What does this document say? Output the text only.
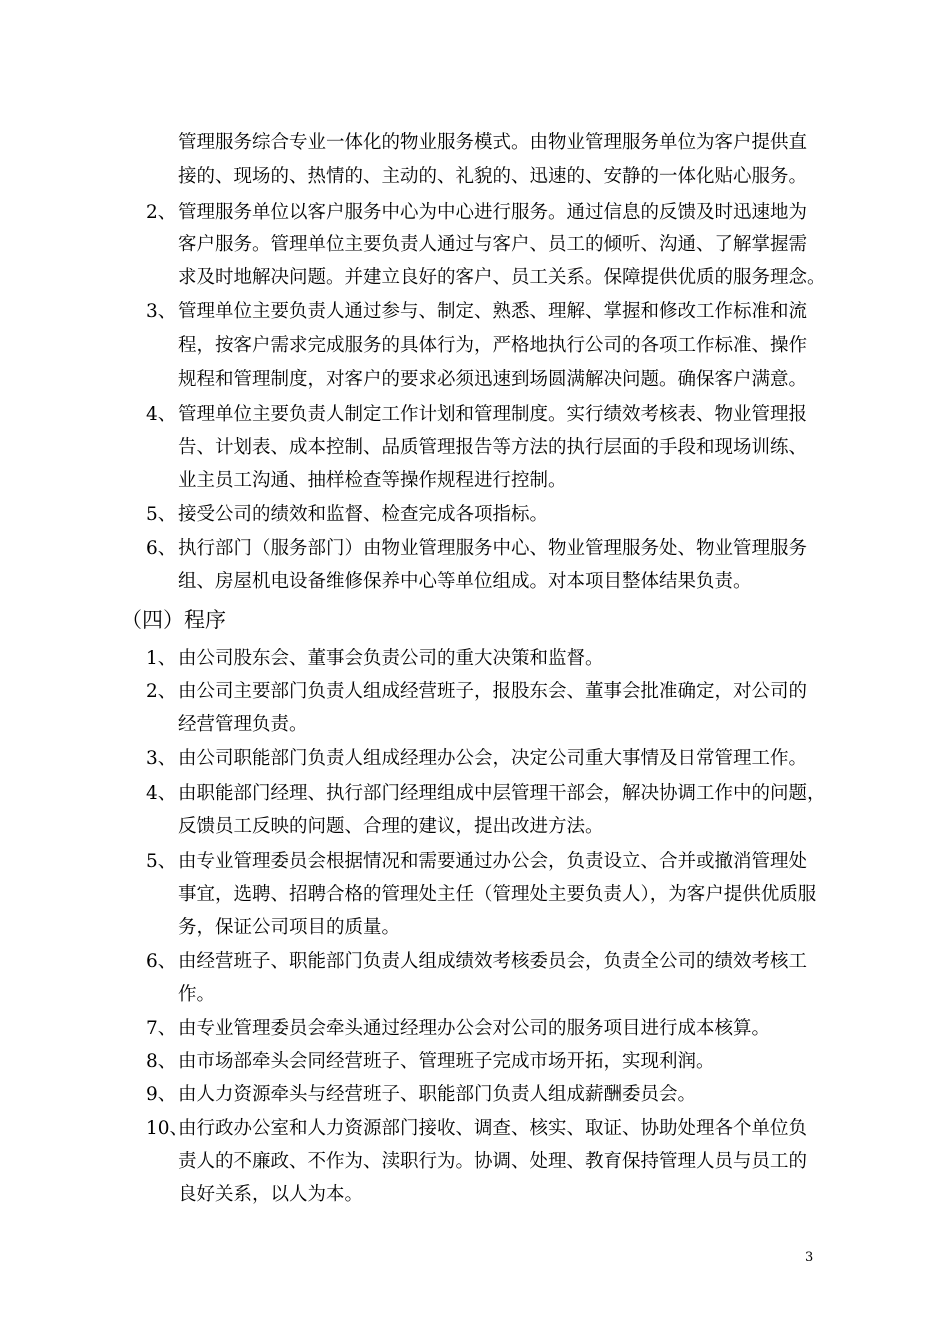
管理服务综合专业一体化的物业服务模式。由物业管理服务单位为客户提供直
接的、现场的、热情的、主动的、礼貌的、迅速的、安静的一体化贴心服务。
2、 管理服务单位以客户服务中心为中心进行服务。通过信息的反馈及时迅速地为
客户服务。管理单位主要负责人通过与客户、员工的倾听、沟通、了解掌握需
求及时地解决问题。并建立良好的客户、员工关系。保障提供优质的服务理念。
3、 管理单位主要负责人通过参与、制定、熟悉、理解、掌握和修改工作标准和流
程，按客户需求完成服务的具体行为，严格地执行公司的各项工作标准、操作
规程和管理制度，对客户的要求必须迅速到场圆满解决问题。确保客户满意。
4、 管理单位主要负责人制定工作计划和管理制度。实行绩效考核表、物业管理报
告、计划表、成本控制、品质管理报告等方法的执行层面的手段和现场训练、
业主员工沟通、抽样检查等操作规程进行控制。
5、 接受公司的绩效和监督、检查完成各项指标。
6、 执行部门（服务部门）由物业管理服务中心、物业管理服务处、物业管理服务
组、房屋机电设备维修保养中心等单位组成。对本项目整体结果负责。
（四）程序
1、 由公司股东会、董事会负责公司的重大决策和监督。
2、 由公司主要部门负责人组成经营班子，报股东会、董事会批准确定，对公司的
经营管理负责。
3、 由公司职能部门负责人组成经理办公会，决定公司重大事情及日常管理工作。
4、 由职能部门经理、执行部门经理组成中层管理干部会，解决协调工作中的问题，
反馈员工反映的问题、合理的建议，提出改进方法。
5、 由专业管理委员会根据情况和需要通过办公会，负责设立、合并或撤消管理处
事宜，选聘、招聘合格的管理处主任（管理处主要负责人），为客户提供优质服
务，保证公司项目的质量。
6、 由经营班子、职能部门负责人组成绩效考核委员会，负责全公司的绩效考核工
作。
7、 由专业管理委员会牵头通过经理办公会对公司的服务项目进行成本核算。
8、 由市场部牵头会同经营班子、管理班子完成市场开拓，实现利润。
9、 由人力资源牵头与经营班子、职能部门负责人组成薪酬委员会。
10、
由行政办公室和人力资源部门接收、调查、核实、取证、协助处理各个单位负
责人的不廉政、不作为、渎职行为。协调、处理、教育保持管理人员与员工的
良好关系，以人为本。
3
